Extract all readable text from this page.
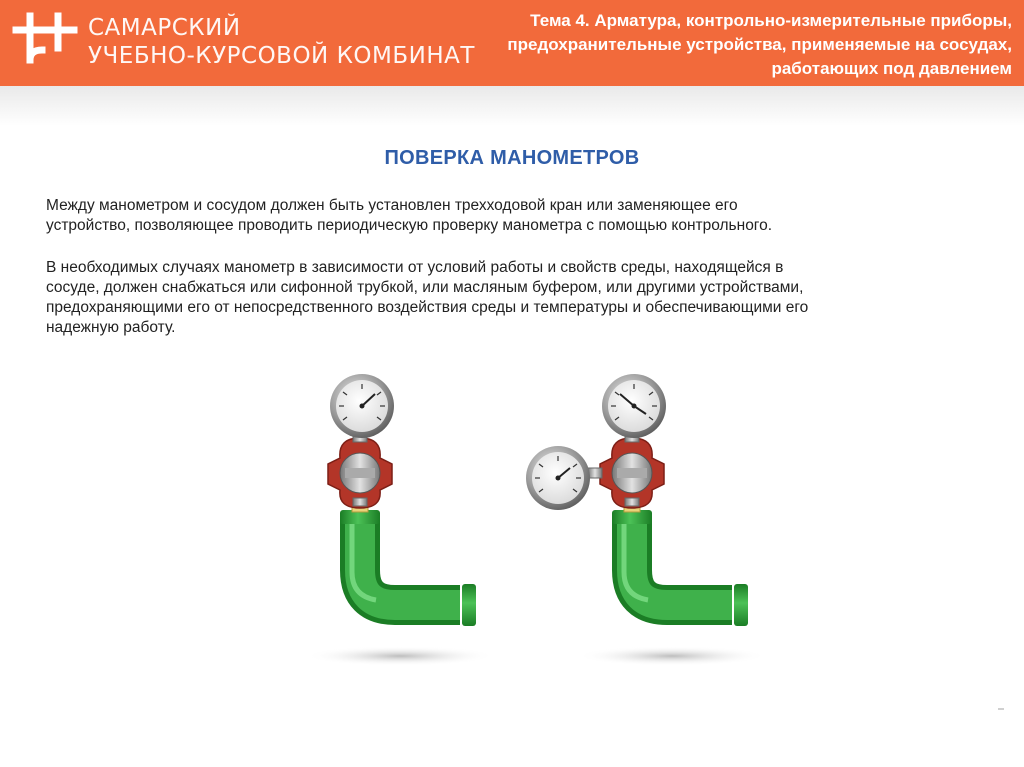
САМАРСКИЙ
УЧЕБНО-КУРСОВОЙ КОМБИНАТ
Тема 4. Арматура, контрольно-измерительные приборы,
предохранительные устройства, применяемые на сосудах,
работающих под давлением
ПОВЕРКА МАНОМЕТРОВ
Между манометром и сосудом должен быть установлен трехходовой кран или заменяющее его
устройство, позволяющее проводить периодическую проверку манометра с помощью контрольного.
В необходимых случаях манометр в зависимости от условий работы и свойств среды, находящейся в
сосуде, должен снабжаться или сифонной трубкой, или масляным буфером, или другими устройствами,
предохраняющими его от непосредственного воздействия среды и температуры и обеспечивающими его
надежную работу.
